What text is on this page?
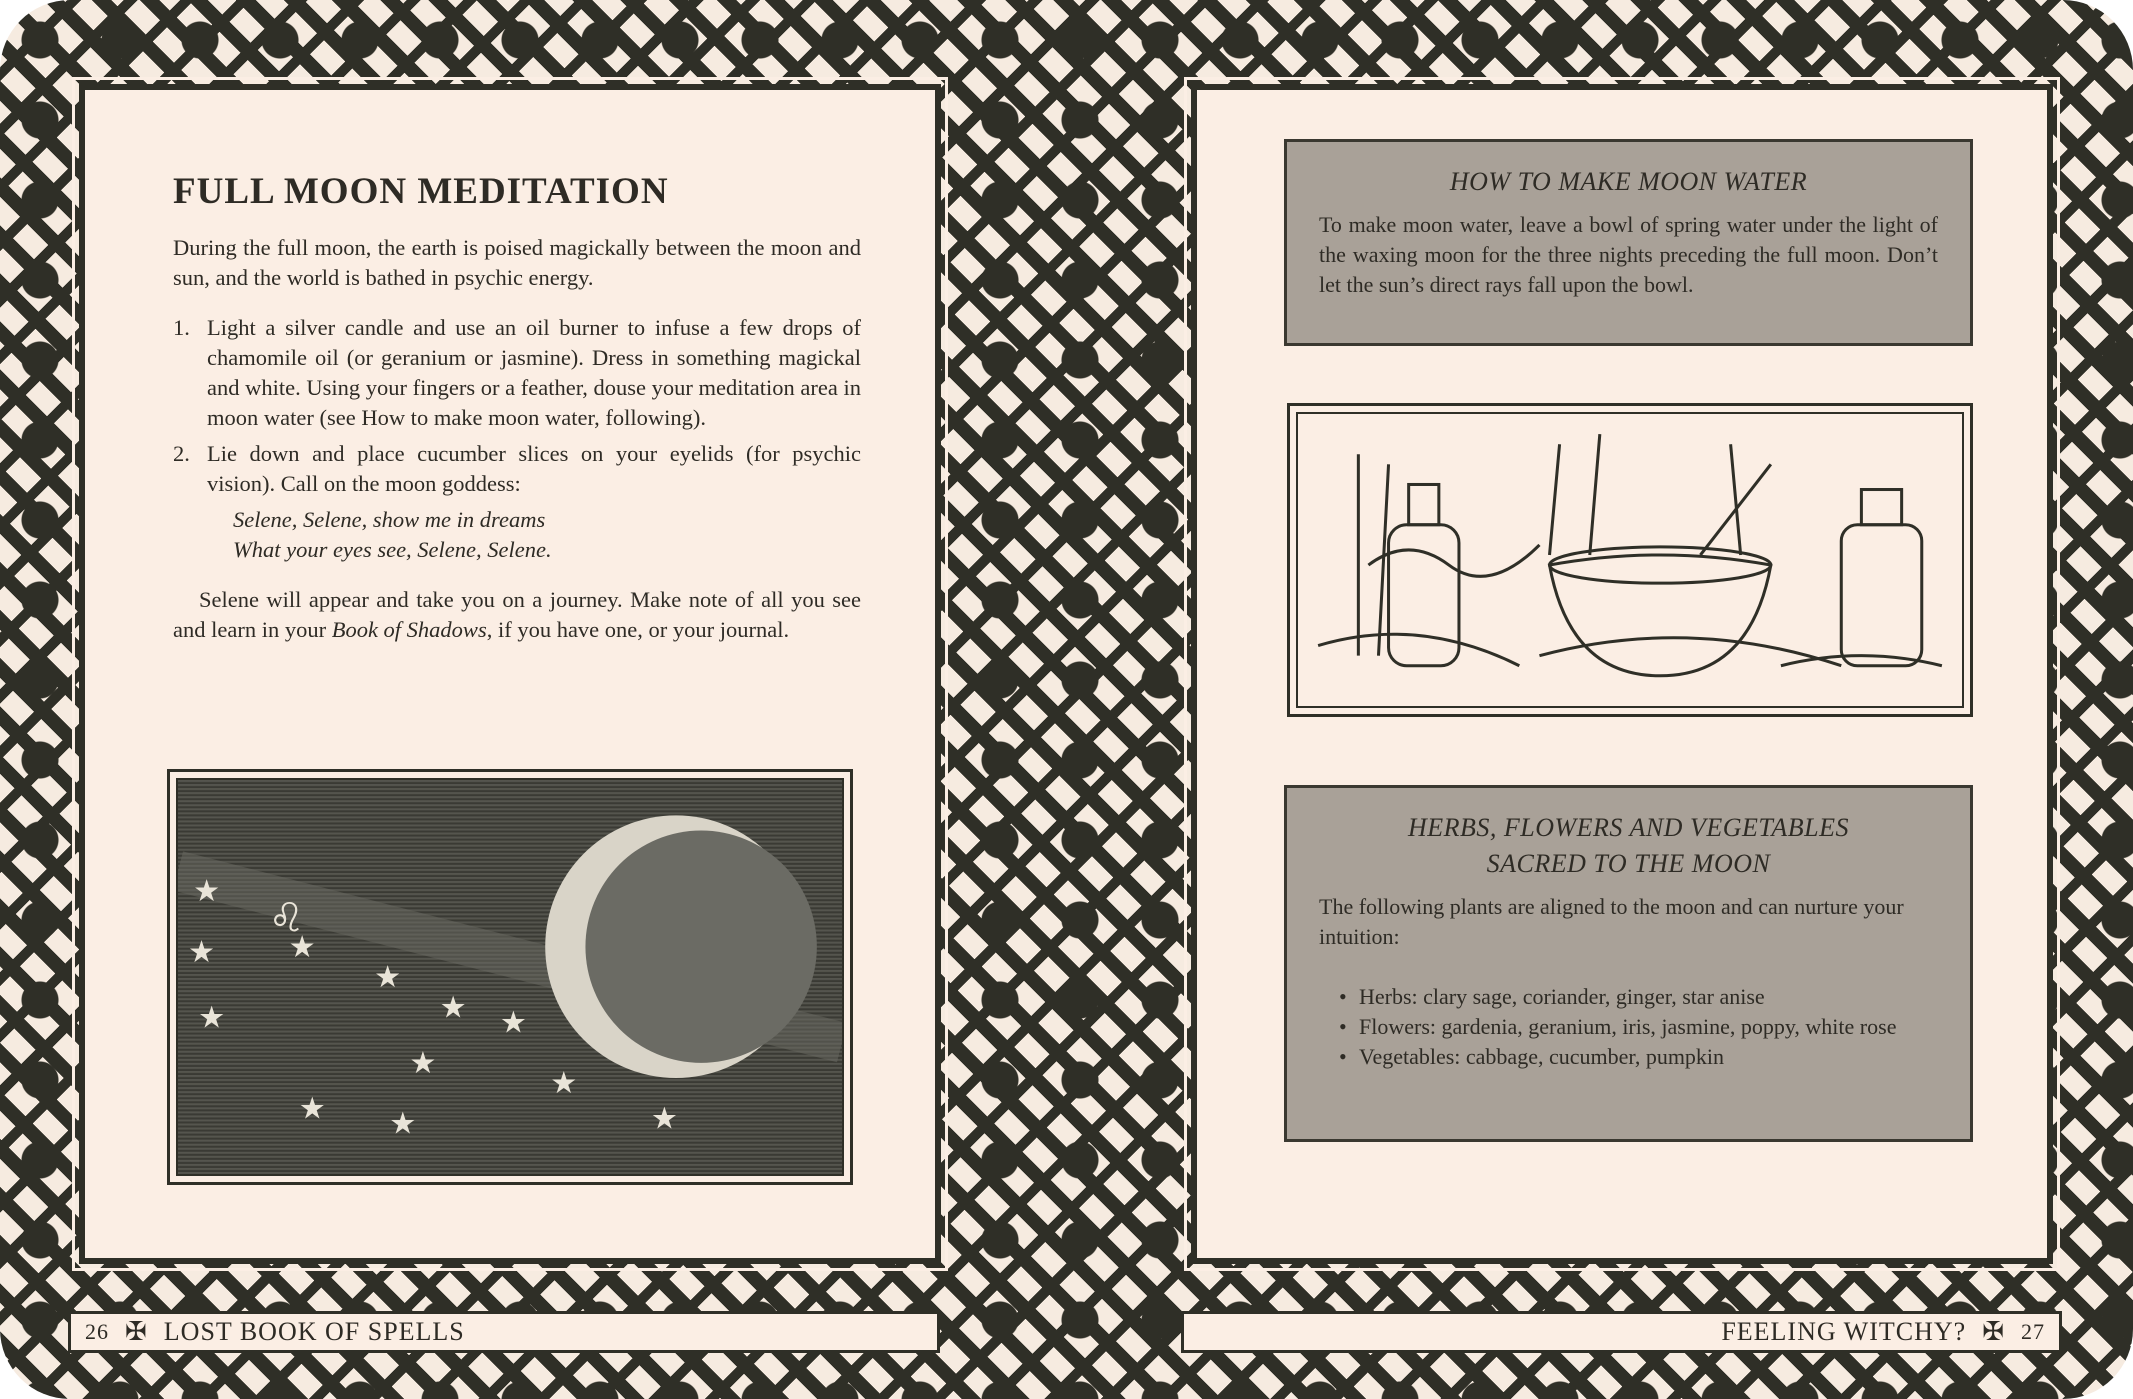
FULL MOON MEDITATION

During the full moon, the earth is poised magickally between the moon and sun, and the world is bathed in psychic energy.

1. Light a silver candle and use an oil burner to infuse a few drops of chamomile oil (or geranium or jasmine). Dress in something magickal and white. Using your fingers or a feather, douse your meditation area in moon water (see How to make moon water, following).
2. Lie down and place cucumber slices on your eyelids (for psychic vision). Call on the moon goddess:
Selene, Selene, show me in dreams
What your eyes see, Selene, Selene.

Selene will appear and take you on a journey. Make note of all you see and learn in your Book of Shadows, if you have one, or your journal.

★
★
★
★
★
★
★
★ ★
★
★
★
♌
HOW TO MAKE MOON WATER

To make moon water, leave a bowl of spring water under the light of the waxing moon for the three nights preceding the full moon. Don’t let the sun’s direct rays fall upon the bowl.

HERBS, FLOWERS AND VEGETABLES
SACRED TO THE MOON

The following plants are aligned to the moon and can nurture your intuition:

• Herbs: clary sage, coriander, ginger, star anise
• Flowers: gardenia, geranium, iris, jasmine, poppy, white rose
• Vegetables: cabbage, cucumber, pumpkin
26 ✠ LOST BOOK OF SPELLS	FEELING WITCHY? ✠ 27
